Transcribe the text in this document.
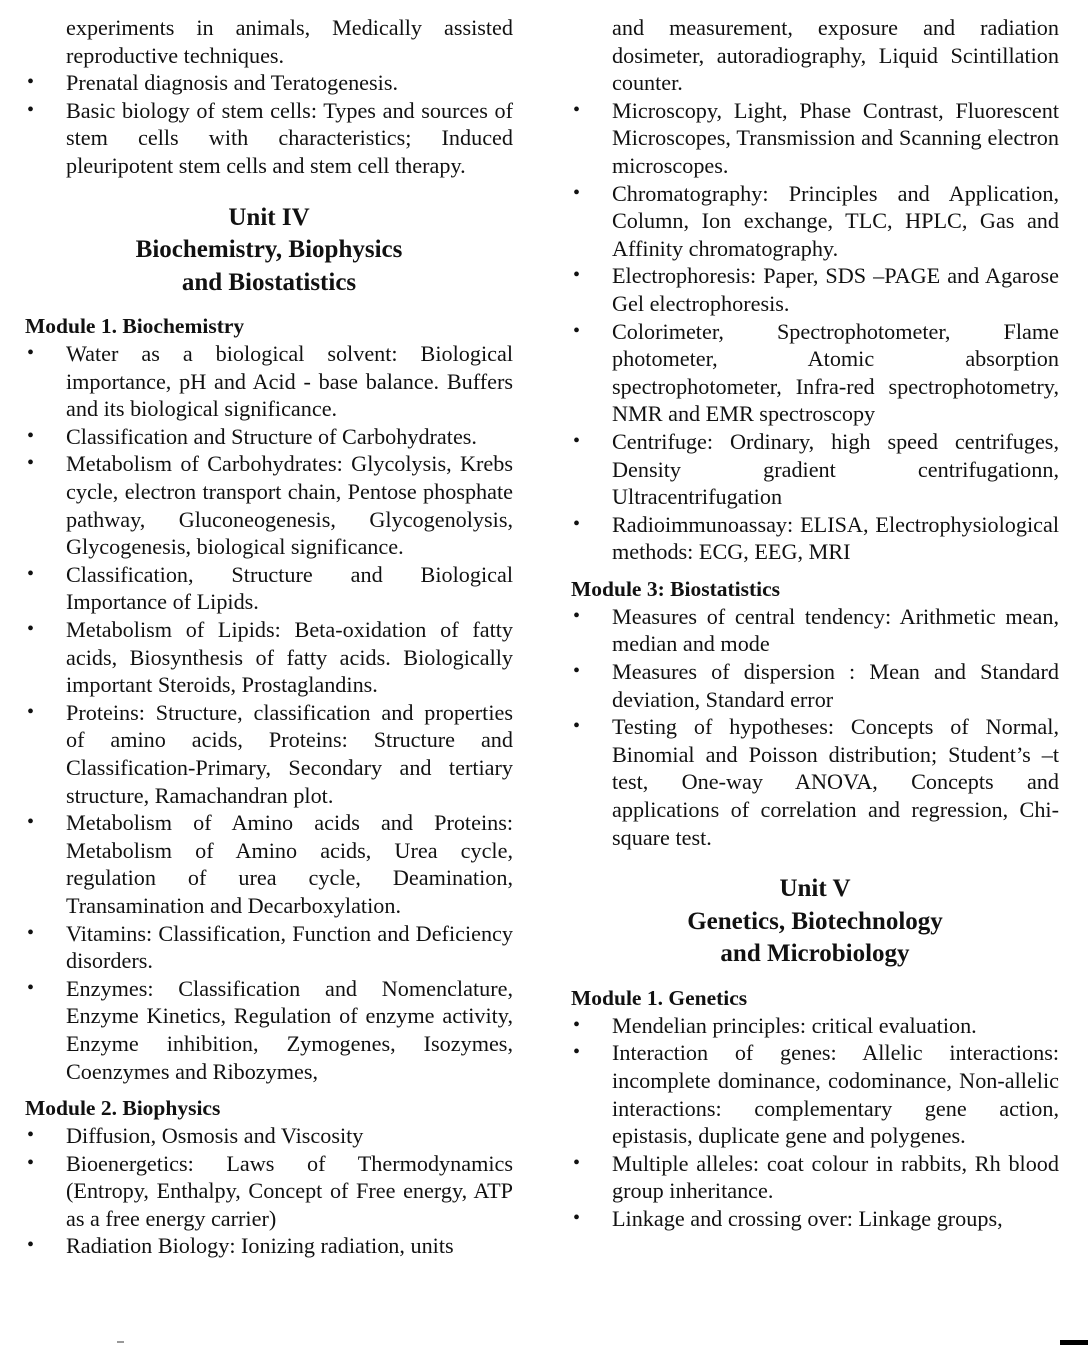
experiments in animals, Medically assisted reproductive techniques.
• Prenatal diagnosis and Teratogenesis.
• Basic biology of stem cells: Types and sources of stem cells with characteristics; Induced pleuripotent stem cells and stem cell therapy.
Unit IV
Biochemistry, Biophysics
and Biostatistics
Module 1. Biochemistry
• Water as a biological solvent: Biological importance, pH and Acid - base balance. Buffers and its biological significance.
• Classification and Structure of Carbohydrates.
• Metabolism of Carbohydrates: Glycolysis, Krebs cycle, electron transport chain, Pentose phosphate pathway, Gluconeogenesis, Glycogenolysis, Glycogenesis, biological significance.
• Classification, Structure and Biological Importance of Lipids.
• Metabolism of Lipids: Beta-oxidation of fatty acids, Biosynthesis of fatty acids. Biologically important Steroids, Prostaglandins.
• Proteins: Structure, classification and properties of amino acids, Proteins: Structure and Classification-Primary, Secondary and tertiary structure, Ramachandran plot.
• Metabolism of Amino acids and Proteins: Metabolism of Amino acids, Urea cycle, regulation of urea cycle, Deamination, Transamination and Decarboxylation.
• Vitamins: Classification, Function and Deficiency disorders.
• Enzymes: Classification and Nomenclature, Enzyme Kinetics, Regulation of enzyme activity, Enzyme inhibition, Zymogenes, Isozymes, Coenzymes and Ribozymes,
Module 2. Biophysics
• Diffusion, Osmosis and Viscosity
• Bioenergetics: Laws of Thermodynamics (Entropy, Enthalpy, Concept of Free energy, ATP as a free energy carrier)
• Radiation Biology: Ionizing radiation, units
and measurement, exposure and radiation dosimeter, autoradiography, Liquid Scintillation counter.
• Microscopy, Light, Phase Contrast, Fluorescent Microscopes, Transmission and Scanning electron microscopes.
• Chromatography: Principles and Application, Column, Ion exchange, TLC, HPLC, Gas and Affinity chromatography.
• Electrophoresis: Paper, SDS –PAGE and Agarose Gel electrophoresis.
• Colorimeter, Spectrophotometer, Flame photometer, Atomic absorption spectrophotometer, Infra-red spectrophotometry, NMR and EMR spectroscopy
• Centrifuge: Ordinary, high speed centrifuges, Density gradient centrifugationn, Ultracentrifugation
• Radioimmunoassay: ELISA, Electrophysiological methods: ECG, EEG, MRI
Module 3: Biostatistics
• Measures of central tendency: Arithmetic mean, median and mode
• Measures of dispersion : Mean and Standard deviation, Standard error
• Testing of hypotheses: Concepts of Normal, Binomial and Poisson distribution; Student’s –t test, One-way ANOVA, Concepts and applications of correlation and regression, Chi-square test.
Unit V
Genetics, Biotechnology
and Microbiology
Module 1. Genetics
• Mendelian principles: critical evaluation.
• Interaction of genes: Allelic interactions: incomplete dominance, codominance, Non-allelic interactions: complementary gene action, epistasis, duplicate gene and polygenes.
• Multiple alleles: coat colour in rabbits, Rh blood group inheritance.
• Linkage and crossing over: Linkage groups,
